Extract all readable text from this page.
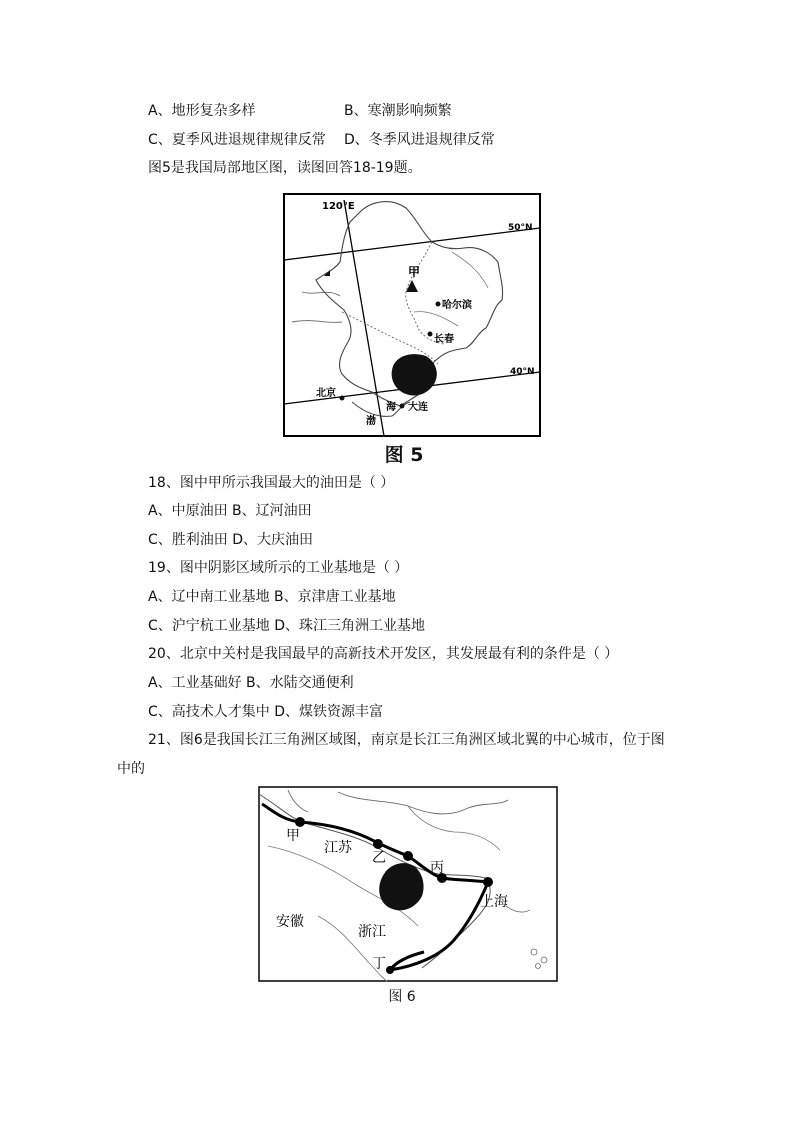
A、地形复杂多样	B、寒潮影响频繁
C、夏季风进退规律规律反常 D、冬季风进退规律反常
图5是我国局部地区图，读图回答18-19题。
120°E
50°N
40°N
甲
哈尔滨
长春
北京
大连
海
渤
图 5
18、图中甲所示我国最大的油田是（ ）
A、中原油田 B、辽河油田
C、胜利油田 D、大庆油田
19、图中阴影区域所示的工业基地是（ ）
A、辽中南工业基地 B、京津唐工业基地
C、沪宁杭工业基地 D、珠江三角洲工业基地
20、北京中关村是我国最早的高新技术开发区，其发展最有利的条件是（ ）
A、工业基础好 B、水陆交通便利
C、高技术人才集中 D、煤铁资源丰富
21、图6是我国长江三角洲区域图，南京是长江三角洲区域北翼的中心城市，位于图
中的
甲
江苏
乙
丙
上海
安徽
浙江
丁
图 6
